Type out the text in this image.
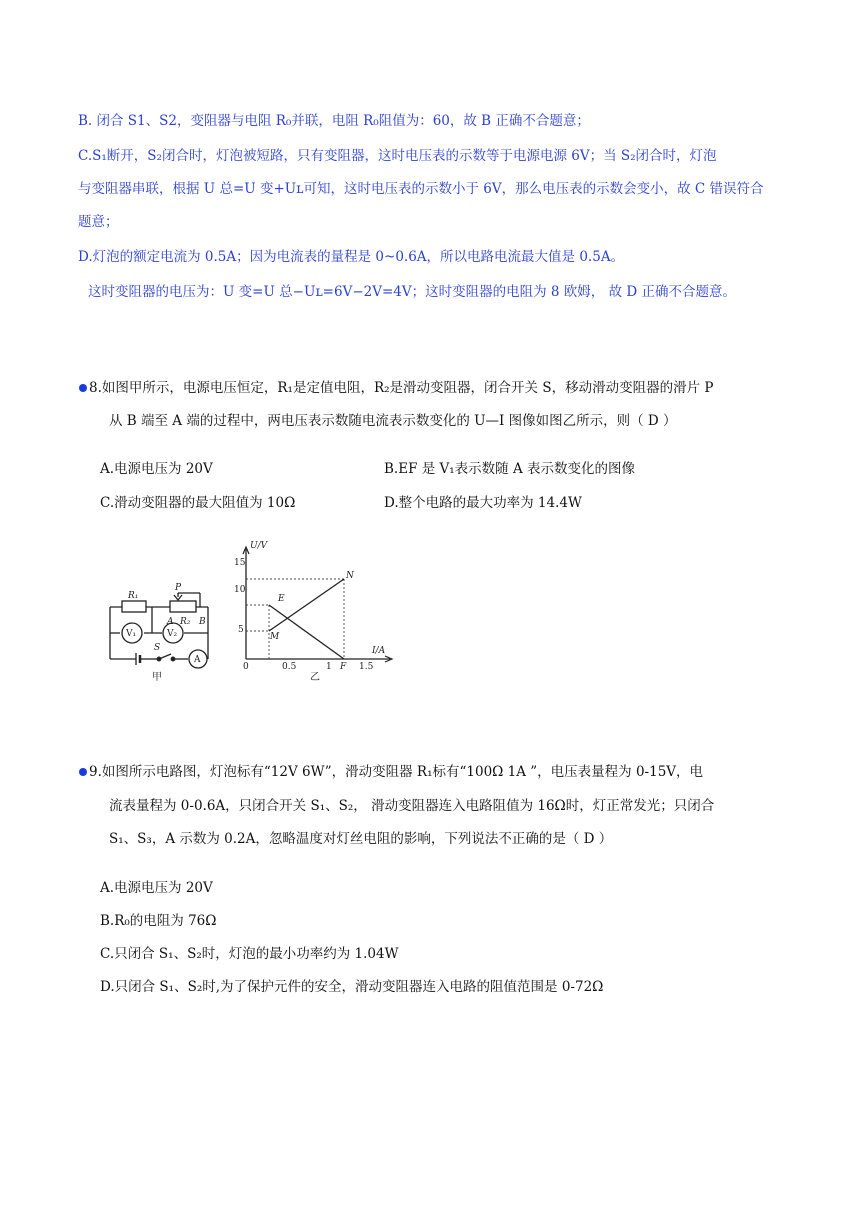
B. 闭合 S1、S2，变阻器与电阻 R₀并联，电阻 R₀阻值为：60，故 B 正确不合题意；
C.S₁断开，S₂闭合时，灯泡被短路，只有变阻器，这时电压表的示数等于电源电源 6V；当 S₂闭合时，灯泡
与变阻器串联，根据 U 总=U 变+Uʟ可知，这时电压表的示数小于 6V，那么电压表的示数会变小，故 C 错误符合
题意；
D.灯泡的额定电流为 0.5A；因为电流表的量程是 0~0.6A，所以电路电流最大值是 0.5A。
这时变阻器的电压为：U 变=U 总−Uʟ=6V−2V=4V；这时变阻器的电阻为 8 欧姆， 故 D 正确不合题意。
8.如图甲所示，电源电压恒定，R₁是定值电阻，R₂是滑动变阻器，闭合开关 S，移动滑动变阻器的滑片 P
从 B 端至 A 端的过程中，两电压表示数随电流表示数变化的 U—I 图像如图乙所示，则（ D ）
A.电源电压为 20V	B.EF 是 V₁表示数随 A 表示数变化的图像
C.滑动变阻器的最大阻值为 10Ω	D.整个电路的最大功率为 14.4W
R₁
P
R₂
A	B
V₁	V₂
S
A
甲
U/V
15
10
5
0	0.5	1	1.5
I/A
E
M
N
F
乙
9.如图所示电路图，灯泡标有“12V 6W”，滑动变阻器 R₁标有“100Ω 1A ”，电压表量程为 0-15V，电
流表量程为 0-0.6A，只闭合开关 S₁、S₂， 滑动变阻器连入电路阻值为 16Ω时，灯正常发光；只闭合
S₁、S₃，A 示数为 0.2A，忽略温度对灯丝电阻的影响，下列说法不正确的是（ D ）
A.电源电压为 20V
B.R₀的电阻为 76Ω
C.只闭合 S₁、S₂时，灯泡的最小功率约为 1.04W
D.只闭合 S₁、S₂时,为了保护元件的安全，滑动变阻器连入电路的阻值范围是 0-72Ω
